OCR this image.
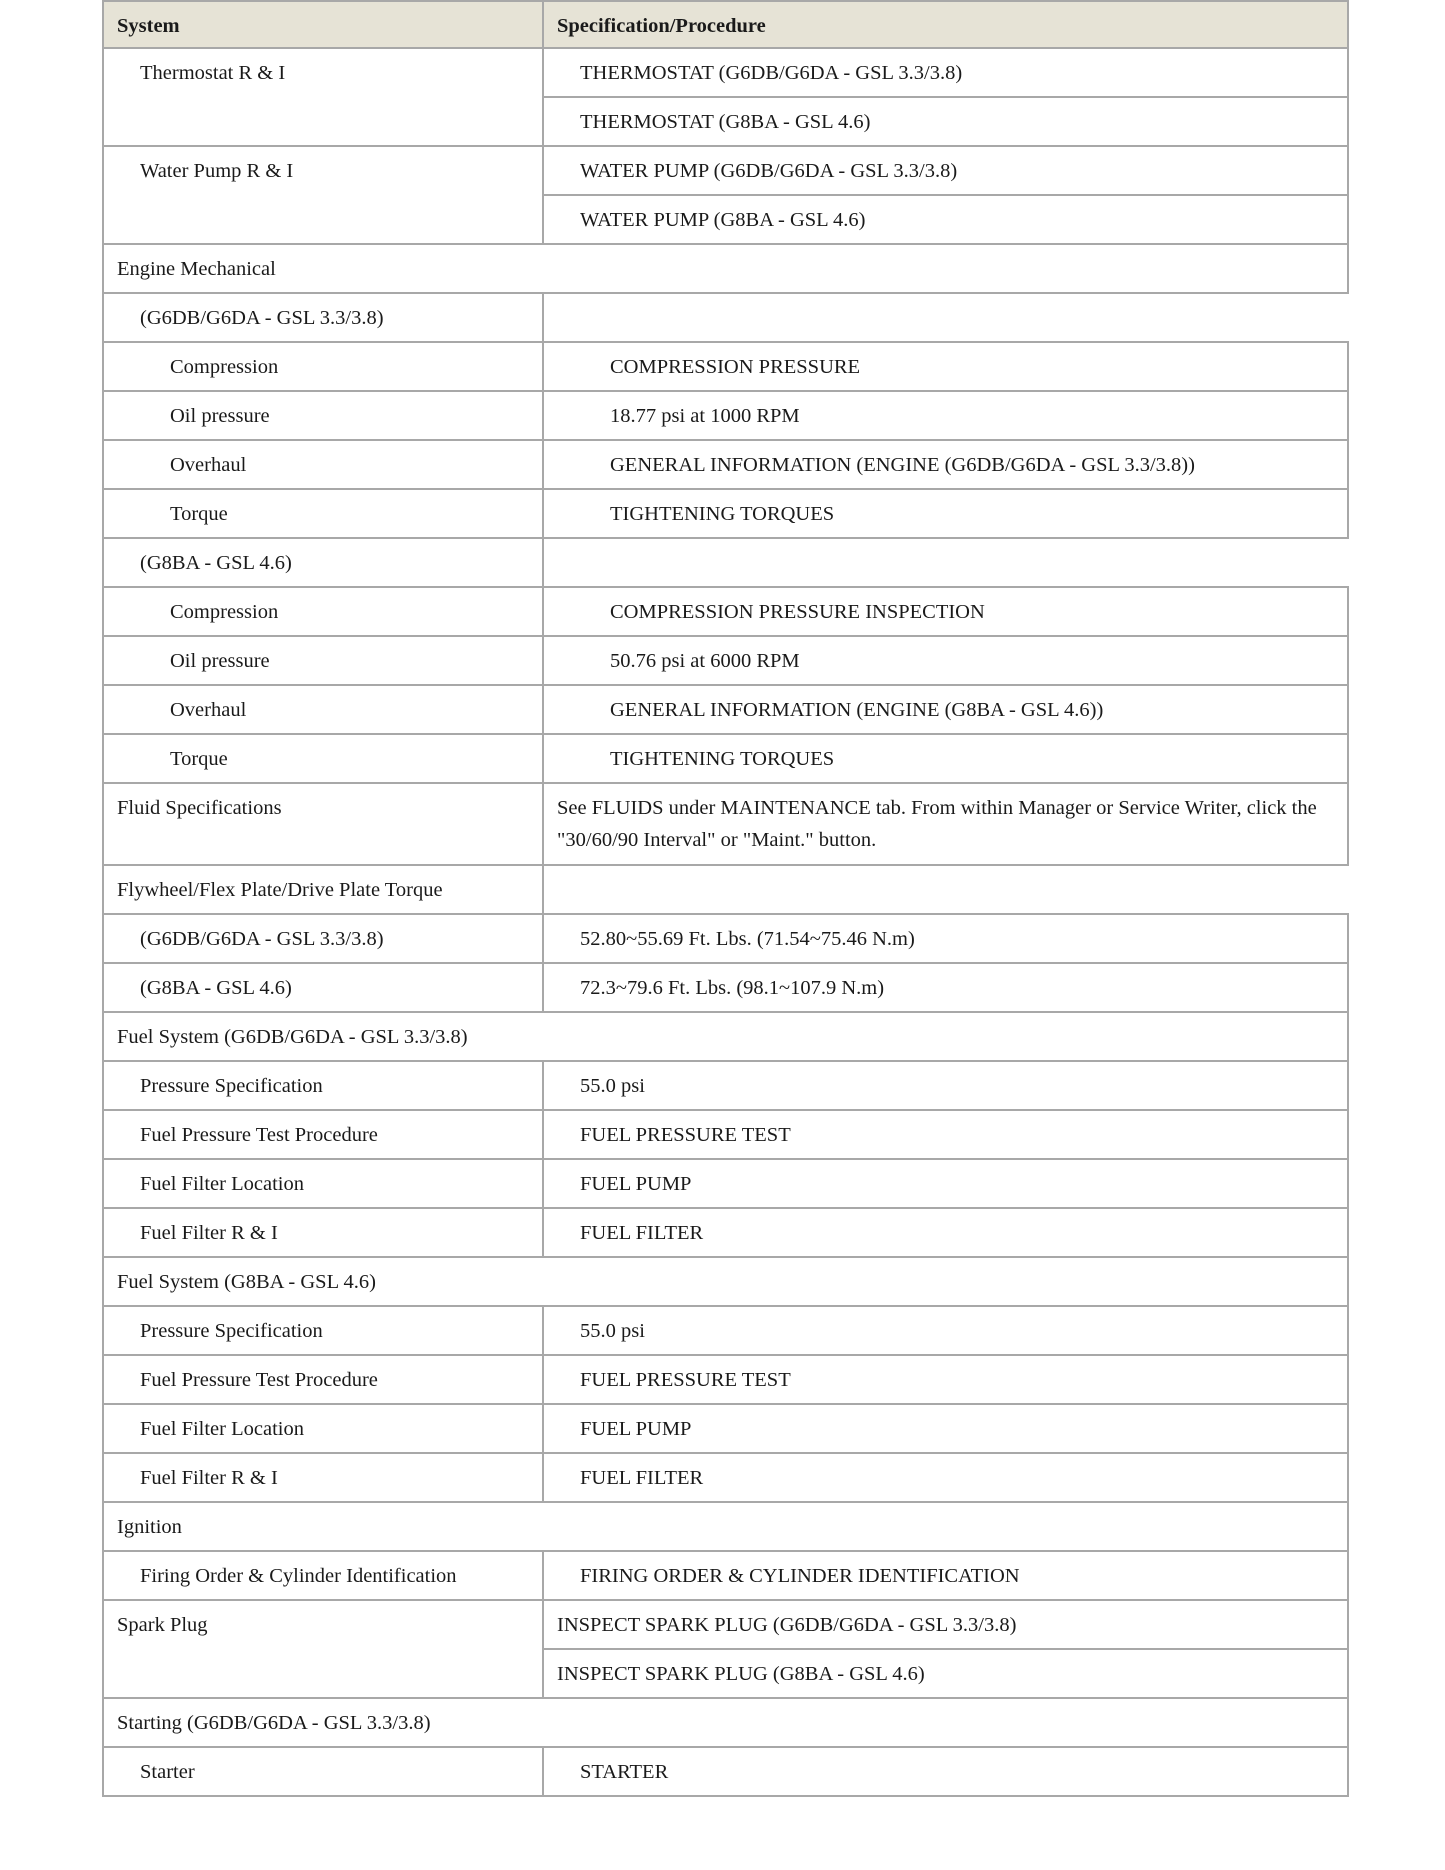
System	Specification/Procedure
Thermostat R & I	THERMOSTAT (G6DB/G6DA - GSL 3.3/3.8)
	THERMOSTAT (G8BA - GSL 4.6)
Water Pump R & I	WATER PUMP (G6DB/G6DA - GSL 3.3/3.8)
	WATER PUMP (G8BA - GSL 4.6)
Engine Mechanical	
(G6DB/G6DA - GSL 3.3/3.8)	
Compression	COMPRESSION PRESSURE
Oil pressure	18.77 psi at 1000 RPM
Overhaul	GENERAL INFORMATION (ENGINE (G6DB/G6DA - GSL 3.3/3.8))
Torque	TIGHTENING TORQUES
(G8BA - GSL 4.6)	
Compression	COMPRESSION PRESSURE INSPECTION
Oil pressure	50.76 psi at 6000 RPM
Overhaul	GENERAL INFORMATION (ENGINE (G8BA - GSL 4.6))
Torque	TIGHTENING TORQUES
Fluid Specifications	See FLUIDS under MAINTENANCE tab. From within Manager or Service Writer, click the "30/60/90 Interval" or "Maint." button.
Flywheel/Flex Plate/Drive Plate Torque	
(G6DB/G6DA - GSL 3.3/3.8)	52.80~55.69 Ft. Lbs. (71.54~75.46 N.m)
(G8BA - GSL 4.6)	72.3~79.6 Ft. Lbs. (98.1~107.9 N.m)
Fuel System (G6DB/G6DA - GSL 3.3/3.8)	
Pressure Specification	55.0 psi
Fuel Pressure Test Procedure	FUEL PRESSURE TEST
Fuel Filter Location	FUEL PUMP
Fuel Filter R & I	FUEL FILTER
Fuel System (G8BA - GSL 4.6)	
Pressure Specification	55.0 psi
Fuel Pressure Test Procedure	FUEL PRESSURE TEST
Fuel Filter Location	FUEL PUMP
Fuel Filter R & I	FUEL FILTER
Ignition	
Firing Order & Cylinder Identification	FIRING ORDER & CYLINDER IDENTIFICATION
Spark Plug	INSPECT SPARK PLUG (G6DB/G6DA - GSL 3.3/3.8)
	INSPECT SPARK PLUG (G8BA - GSL 4.6)
Starting (G6DB/G6DA - GSL 3.3/3.8)	
Starter	STARTER
